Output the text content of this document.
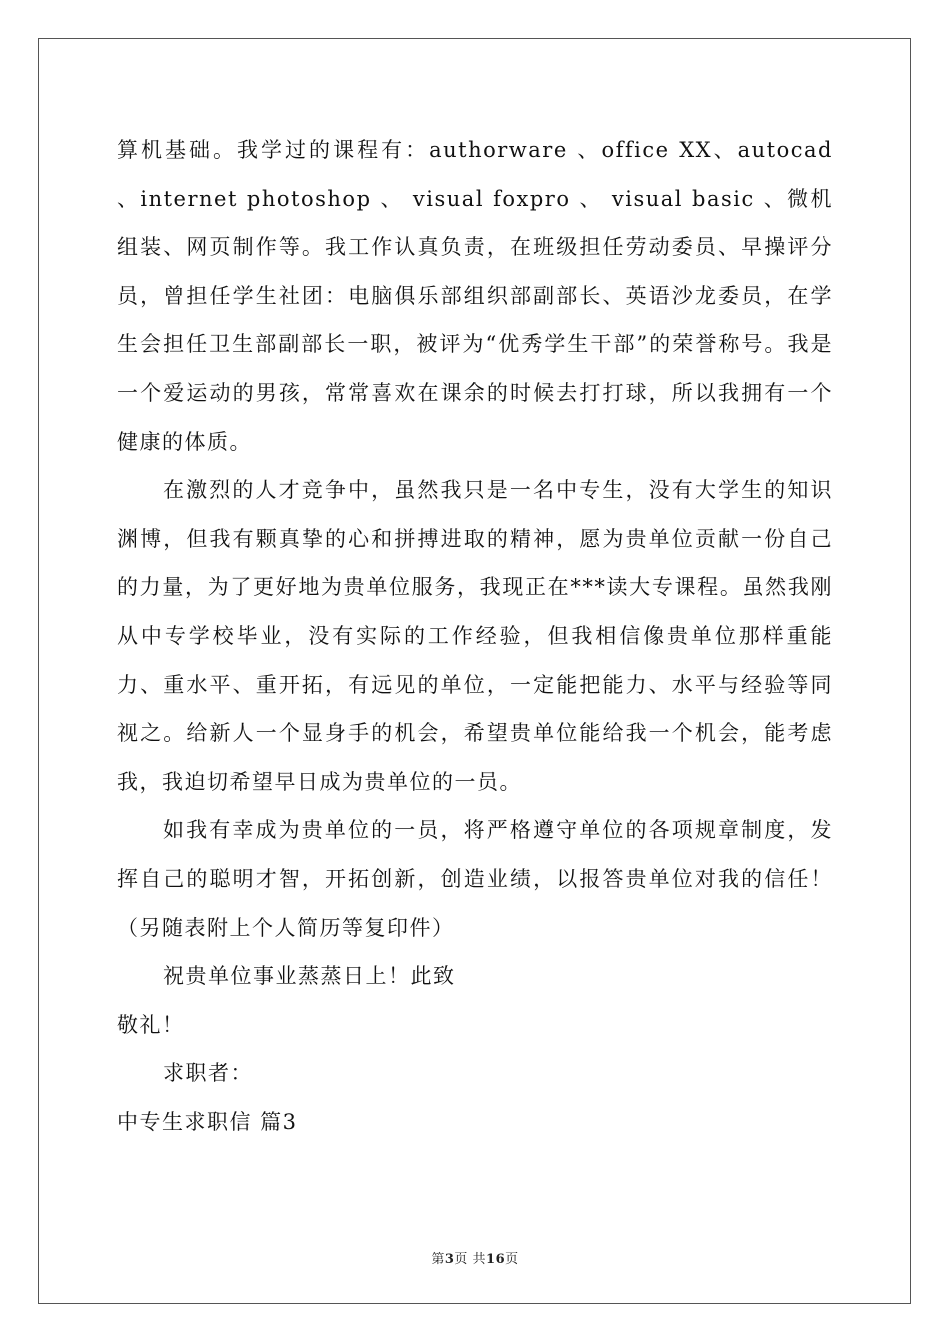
算机基础。我学过的课程有：authorware 、office XX、autocad 、internet photoshop 、 visual foxpro 、 visual basic 、微机组装、网页制作等。我工作认真负责，在班级担任劳动委员、早操评分员，曾担任学生社团：电脑俱乐部组织部副部长、英语沙龙委员，在学生会担任卫生部副部长一职，被评为“优秀学生干部”的荣誉称号。我是一个爱运动的男孩，常常喜欢在课余的时候去打打球，所以我拥有一个健康的体质。

在激烈的人才竞争中，虽然我只是一名中专生，没有大学生的知识渊博，但我有颗真挚的心和拼搏进取的精神，愿为贵单位贡献一份自己的力量，为了更好地为贵单位服务，我现正在***读大专课程。虽然我刚从中专学校毕业，没有实际的工作经验，但我相信像贵单位那样重能力、重水平、重开拓，有远见的单位，一定能把能力、水平与经验等同视之。给新人一个显身手的机会，希望贵单位能给我一个机会，能考虑我，我迫切希望早日成为贵单位的一员。

如我有幸成为贵单位的一员，将严格遵守单位的各项规章制度，发挥自己的聪明才智，开拓创新，创造业绩，以报答贵单位对我的信任！（另随表附上个人简历等复印件）

祝贵单位事业蒸蒸日上！此致

敬礼！

求职者：

中专生求职信 篇3

第3页 共16页
